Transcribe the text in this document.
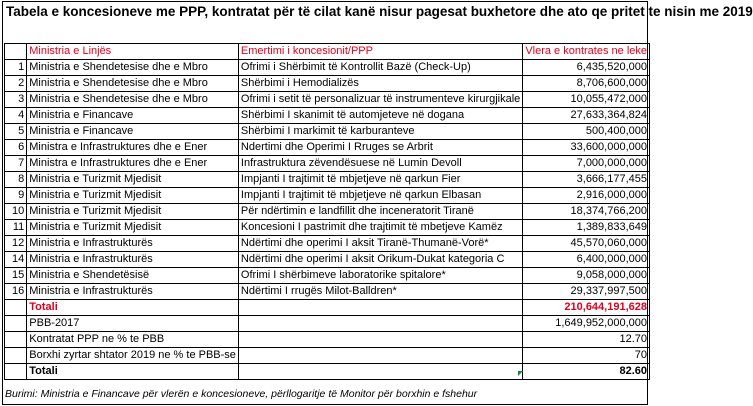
Tabela e koncesioneve me PPP, kontratat për të cilat kanë nisur pagesat buxhetore dhe ato qe pritet te nisin me 2019
	Ministria e Linjës	Emertimi i koncesionit/PPP	Vlera e kontrates ne leke
1	Ministria e Shendetesise dhe e Mbro	Ofrimi i Shërbimit të Kontrollit Bazë (Check-Up)	6,435,520,000
2	Ministria e Shendetesise dhe e Mbro	Shërbimi i Hemodializës	8,706,600,000
3	Ministria e Shendetesise dhe e Mbro	Ofrimi i setit të personalizuar të instrumenteve kirurgjikale	10,055,472,000
4	Ministria e Financave	Shërbimi I skanimit të automjeteve në dogana	27,633,364,824
5	Ministria e Financave	Shërbimi I markimit të karburanteve	500,400,000
6	Ministra e Infrastruktures dhe e Ener	Ndertimi dhe Operimi I Rruges se Arbrit	33,600,000,000
7	Ministra e Infrastruktures dhe e Ener	Infrastruktura zëvendësuese në Lumin Devoll	7,000,000,000
8	Ministria e Turizmit Mjedisit	Impjanti I trajtimit të mbjetjeve në qarkun Fier	3,666,177,455
9	Ministria e Turizmit Mjedisit	Impjanti I trajtimit të mbjetjeve në qarkun Elbasan	2,916,000,000
10	Ministria e Turizmit Mjedisit	Për ndërtimin e landfillit dhe inceneratorit Tiranë	18,374,766,200
11	Ministria e Turizmit Mjedisit	Koncesioni I pastrimit dhe trajtimit të mbetjeve Kamëz	1,389,833,649
12	Ministria e Infrastrukturës	Ndërtimi dhe operimi I aksit Tiranë-Thumanë-Vorë*	45,570,060,000
14	Ministria e Infrastrukturës	Ndërtimi dhe operimi I aksit Orikum-Dukat kategoria C	6,400,000,000
15	Ministria e Shendetësisë	Ofrimi I shërbimeve laboratorike spitalore*	9,058,000,000
16	Ministria e Infrastrukturës	Ndërtimi I rrugës Milot-Balldren*	29,337,997,500
	Totali		210,644,191,628
	PBB-2017		1,649,952,000,000
	Kontratat PPP ne % te PBB		12.70
	Borxhi zyrtar shtator 2019 ne % te PBB-se		70
	Totali		82.60
Burimi: Ministria e Financave për vlerën e koncesioneve, përllogaritje të Monitor për borxhin e fshehur
